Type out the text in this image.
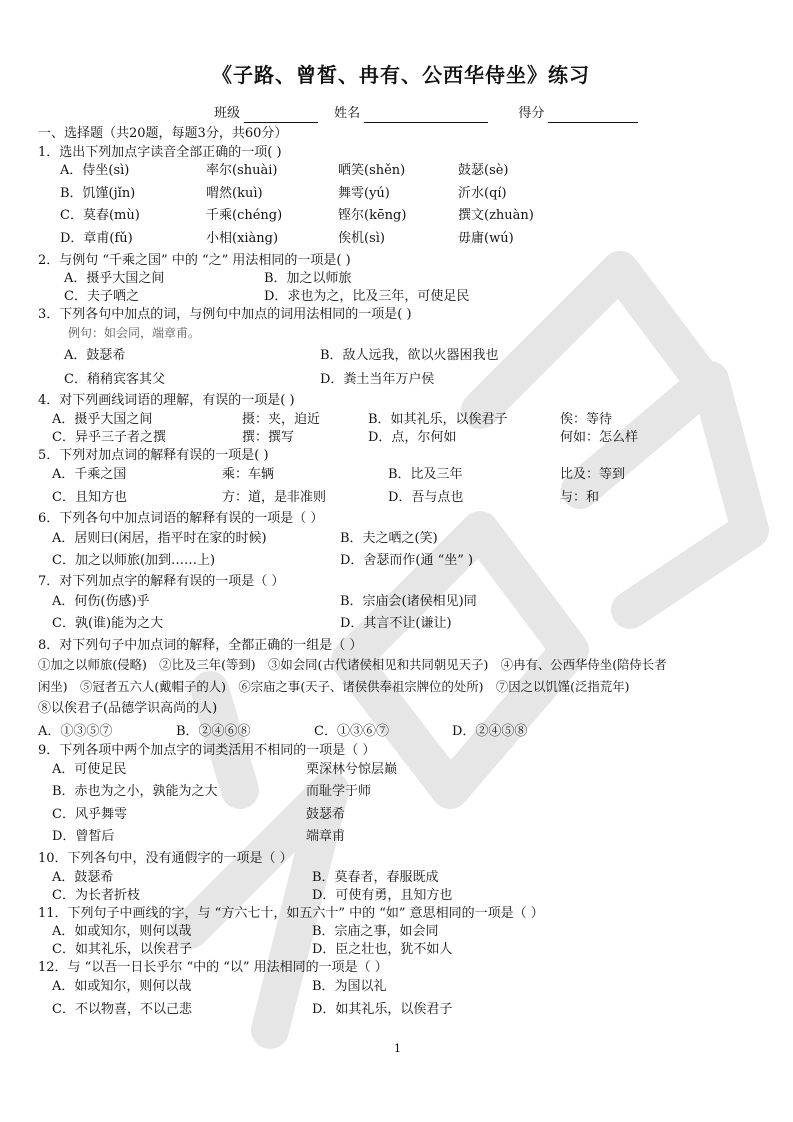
《子路、曾皙、冉有、公西华侍坐》练习
班级	姓名	得分
一、选择题（共20题，每题3分，共60分）
1．选出下列加点字读音全部正确的一项( )
A．侍坐(sì)	率尔(shuài)	哂笑(shěn)	鼓瑟(sè)
B．饥馑(jǐn)	喟然(kuì)	舞雩(yú)	沂水(qí)
C．莫春(mù)	千乘(chéng)	铿尔(kēng)	撰文(zhuàn)
D．章甫(fǔ)	小相(xiàng)	俟机(sì)	毋庸(wú)
2．与例句 “千乘之国” 中的 “之” 用法相同的一项是( )
A．摄乎大国之间	B．加之以师旅
C．夫子哂之	D．求也为之，比及三年，可使足民
3．下列各句中加点的词，与例句中加点的词用法相同的一项是( )
例句：如会同，端章甫。
A．鼓瑟希	B．敌人远我，欲以火器困我也
C．稍稍宾客其父	D．粪土当年万户侯
4．对下列画线词语的理解，有误的一项是( )
A．摄乎大国之间	摄：夹，迫近	B．如其礼乐，以俟君子	俟：等待
C．异乎三子者之撰	撰：撰写	D．点，尔何如	何如：怎么样
5．下列对加点词的解释有误的一项是( )
A．千乘之国	乘：车辆	B．比及三年	比及：等到
C．且知方也	方：道，是非准则	D．吾与点也	与：和
6．下列各句中加点词语的解释有误的一项是（ ）
A．居则曰(闲居，指平时在家的时候)	B．夫之哂之(笑)
C．加之以师旅(加到……上)	D．舍瑟而作(通 “坐” )
7．对下列加点字的解释有误的一项是（ ）
A．何伤(伤感)乎	B．宗庙会(诸侯相见)同
C．孰(谁)能为之大	D．其言不让(谦让)
8．对下列句子中加点词的解释，全都正确的一组是（ ）
①加之以师旅(侵略)　②比及三年(等到)　③如会同(古代诸侯相见和共同朝见天子)　④冉有、公西华侍坐(陪侍长者
闲坐)　⑤冠者五六人(戴帽子的人)　⑥宗庙之事(天子、诸侯供奉祖宗牌位的处所)　⑦因之以饥馑(泛指荒年)
⑧以俟君子(品德学识高尚的人)
A．①③⑤⑦	B．②④⑥⑧	C．①③⑥⑦	D．②④⑤⑧
9．下列各项中两个加点字的词类活用不相同的一项是（ ）
A．可使足民	栗深林兮惊层巅
B．赤也为之小，孰能为之大	而耻学于师
C．风乎舞雩	鼓瑟希
D．曾皙后	端章甫
10．下列各句中，没有通假字的一项是（ ）
A．鼓瑟希	B．莫春者，春服既成
C．为长者折枝	D．可使有勇，且知方也
11．下列句子中画线的字，与 “方六七十，如五六十” 中的 “如” 意思相同的一项是（ ）
A．如或知尔，则何以哉	B．宗庙之事，如会同
C．如其礼乐，以俟君子	D．臣之壮也，犹不如人
12．与 “以吾一日长乎尔 “中的 “以” 用法相同的一项是（ ）
A．如或知尔，则何以哉	B．为国以礼
C．不以物喜，不以己悲	D．如其礼乐，以俟君子
1
